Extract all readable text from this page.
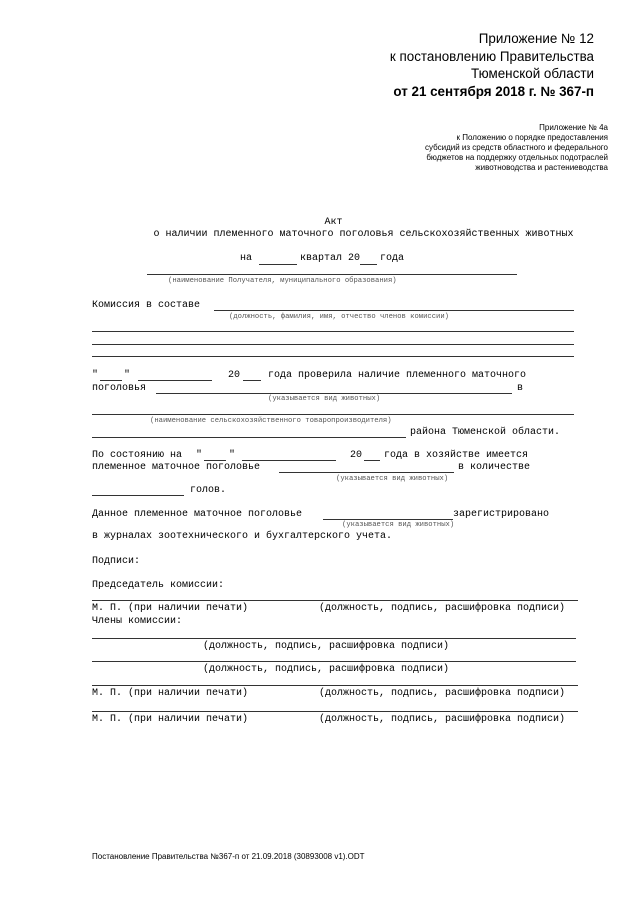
Приложение № 12
к постановлению Правительства
Тюменской области
от 21 сентября 2018 г. № 367-п
Приложение № 4а
к Положению о порядке предоставления
субсидий из средств областного и федерального
бюджетов на поддержку отдельных подотраслей
животноводства и растениеводства
Акт
о наличии племенного маточного поголовья сельскохозяйственных животных
на	квартал 20 года
(наименование Получателя, муниципального образования)
Комиссия в составе
(должность, фамилия, имя, отчество членов комиссии)
"	"	20	года проверила наличие племенного маточного
поголовья	в
(указывается вид животных)
(наименование сельскохозяйственного товаропроизводителя)
района Тюменской области.
По состоянию на "	"	20 года в хозяйстве имеется
племенное маточное поголовье	в количестве
(указывается вид животных)
голов.
Данное племенное маточное поголовье	зарегистрировано
(указывается вид животных)
в журналах зоотехнического и бухгалтерского учета.
Подписи:
Председатель комиссии:
М. П. (при наличии печати)	(должность, подпись, расшифровка подписи)
Члены комиссии:
(должность, подпись, расшифровка подписи)
(должность, подпись, расшифровка подписи)
М. П. (при наличии печати)	(должность, подпись, расшифровка подписи)
М. П. (при наличии печати)	(должность, подпись, расшифровка подписи)
Постановление Правительства №367-п от 21.09.2018 (30893008 v1).ODT
